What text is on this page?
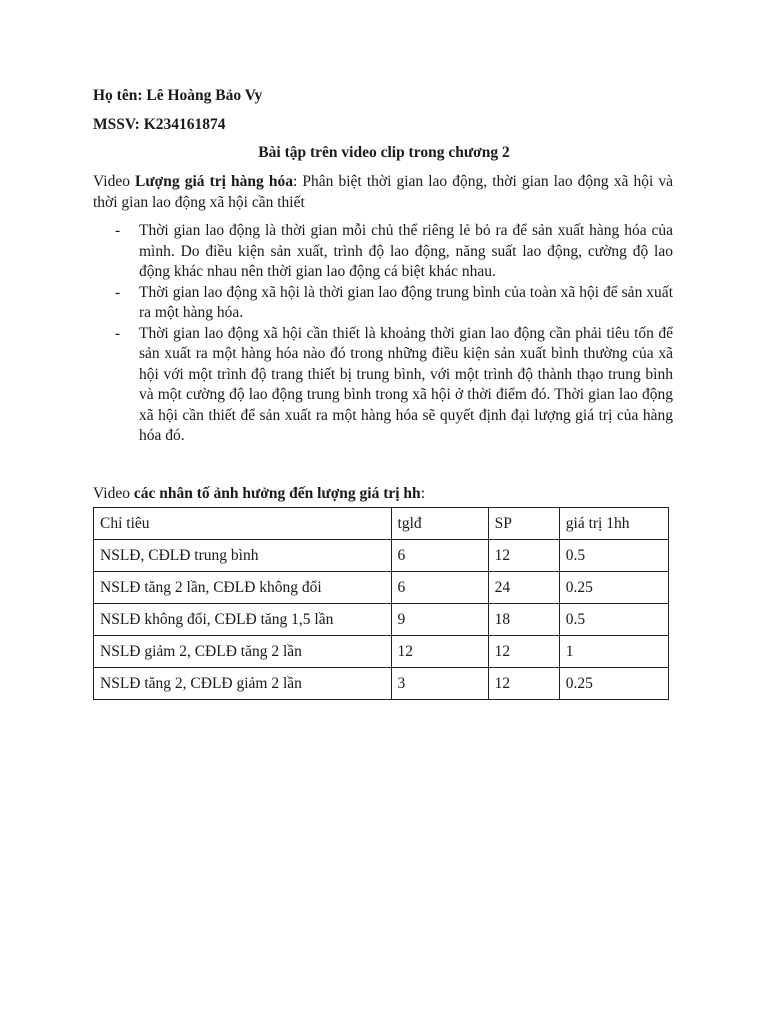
Họ tên: Lê Hoàng Bảo Vy
MSSV: K234161874
Bài tập trên video clip trong chương 2
Video Lượng giá trị hàng hóa: Phân biệt thời gian lao động, thời gian lao động xã hội và thời gian lao động xã hội cần thiết
- Thời gian lao động là thời gian mỗi chủ thể riêng lẻ bỏ ra để sản xuất hàng hóa của mình. Do điều kiện sản xuất, trình độ lao động, năng suất lao động, cường độ lao động khác nhau nên thời gian lao động cá biệt khác nhau.
- Thời gian lao động xã hội là thời gian lao động trung bình của toàn xã hội để sản xuất ra một hàng hóa.
- Thời gian lao động xã hội cần thiết là khoảng thời gian lao động cần phải tiêu tốn để sản xuất ra một hàng hóa nào đó trong những điều kiện sản xuất bình thường của xã hội với một trình độ trang thiết bị trung bình, với một trình độ thành thạo trung bình và một cường độ lao động trung bình trong xã hội ở thời điểm đó. Thời gian lao động xã hội cần thiết để sản xuất ra một hàng hóa sẽ quyết định đại lượng giá trị của hàng hóa đó.
Video các nhân tố ảnh hưởng đến lượng giá trị hh:
Chỉ tiêu	tglđ	SP	giá trị 1hh
NSLĐ, CĐLĐ trung bình	6	12	0.5
NSLĐ tăng 2 lần, CĐLĐ không đổi	6	24	0.25
NSLĐ không đổi, CĐLĐ tăng 1,5 lần	9	18	0.5
NSLĐ giảm 2, CĐLĐ tăng 2 lần	12	12	1
NSLĐ tăng 2, CĐLĐ giảm 2 lần	3	12	0.25
